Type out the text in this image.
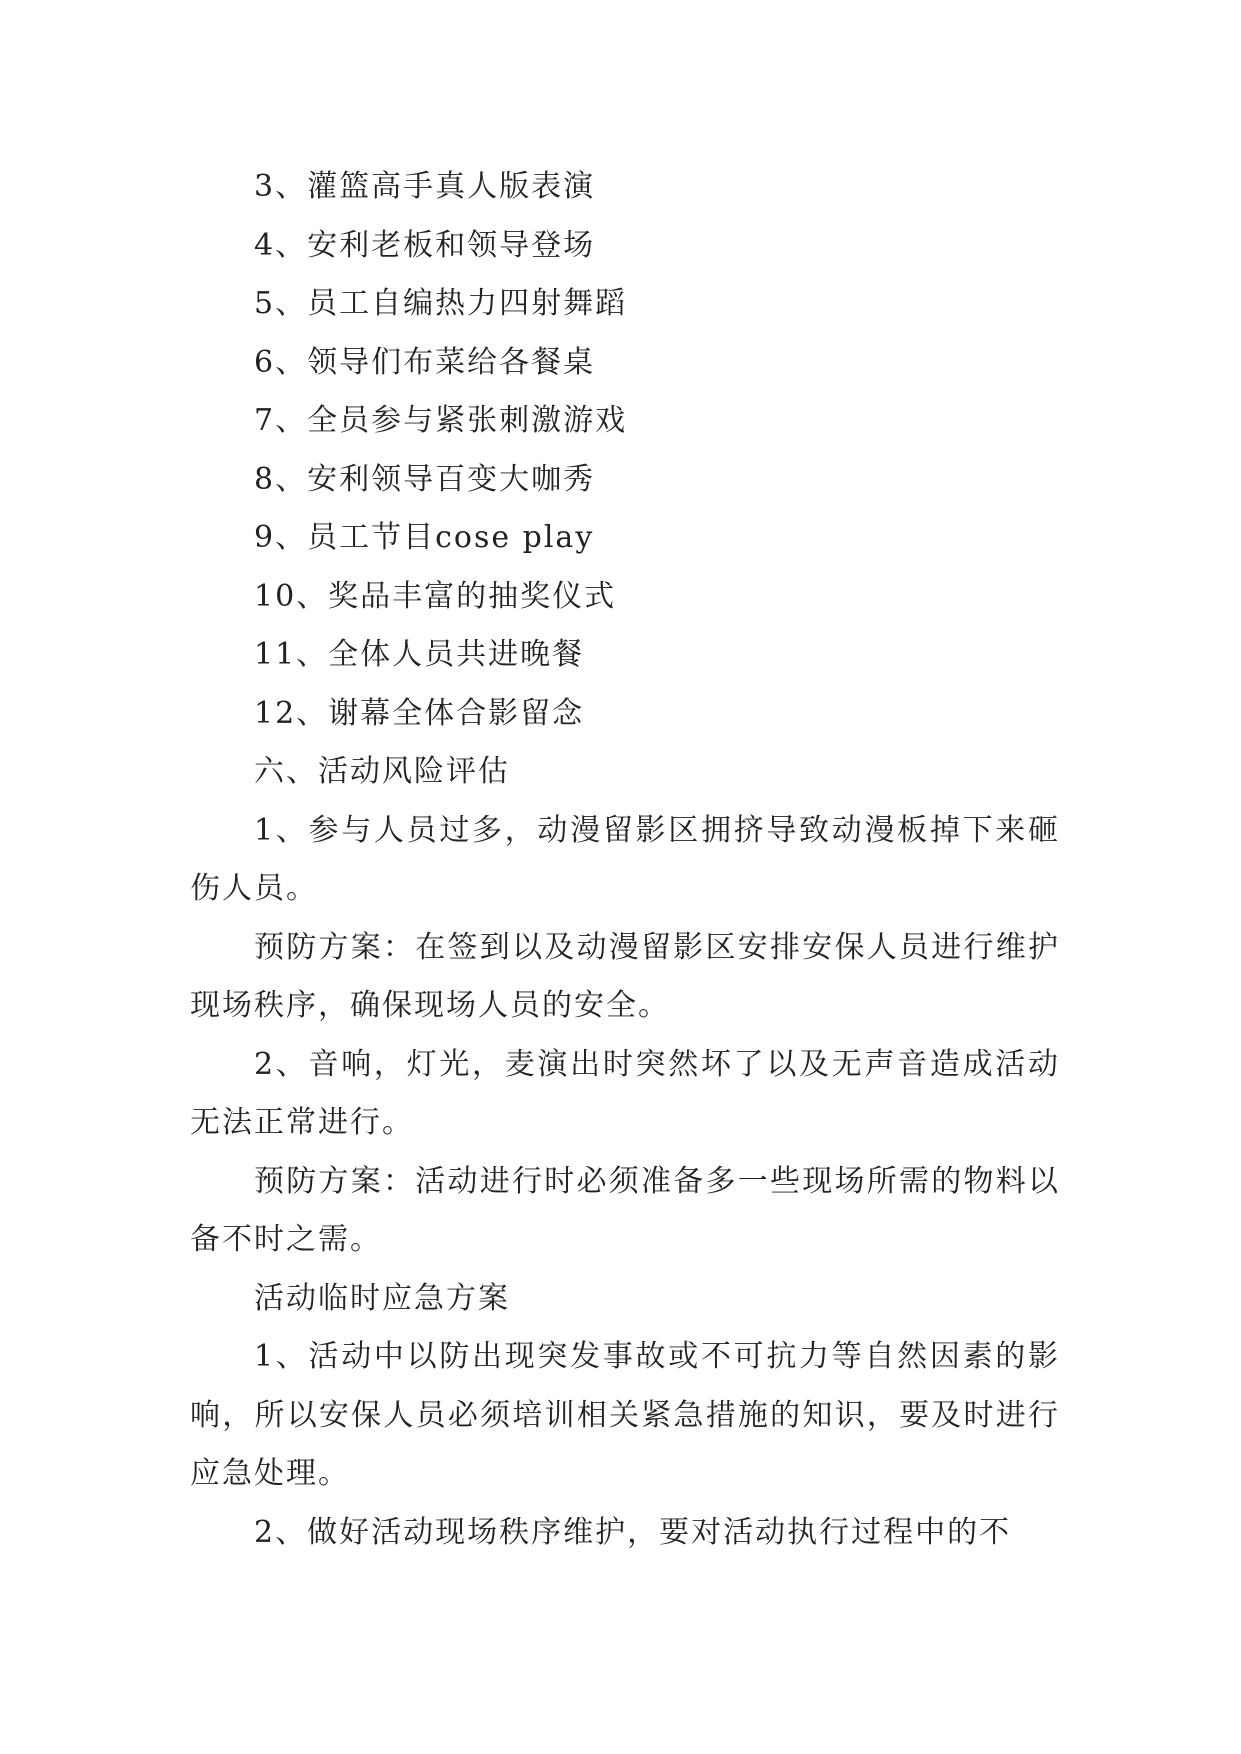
3、灌篮高手真人版表演

4、安利老板和领导登场

5、员工自编热力四射舞蹈

6、领导们布菜给各餐桌

7、全员参与紧张刺激游戏

8、安利领导百变大咖秀

9、员工节目cose play

10、奖品丰富的抽奖仪式

11、全体人员共进晚餐

12、谢幕全体合影留念

六、活动风险评估

1、参与人员过多，动漫留影区拥挤导致动漫板掉下来砸伤人员。

预防方案：在签到以及动漫留影区安排安保人员进行维护现场秩序，确保现场人员的安全。

2、音响，灯光，麦演出时突然坏了以及无声音造成活动无法正常进行。

预防方案：活动进行时必须准备多一些现场所需的物料以备不时之需。

活动临时应急方案

1、活动中以防出现突发事故或不可抗力等自然因素的影响，所以安保人员必须培训相关紧急措施的知识，要及时进行应急处理。

2、做好活动现场秩序维护，要对活动执行过程中的不
